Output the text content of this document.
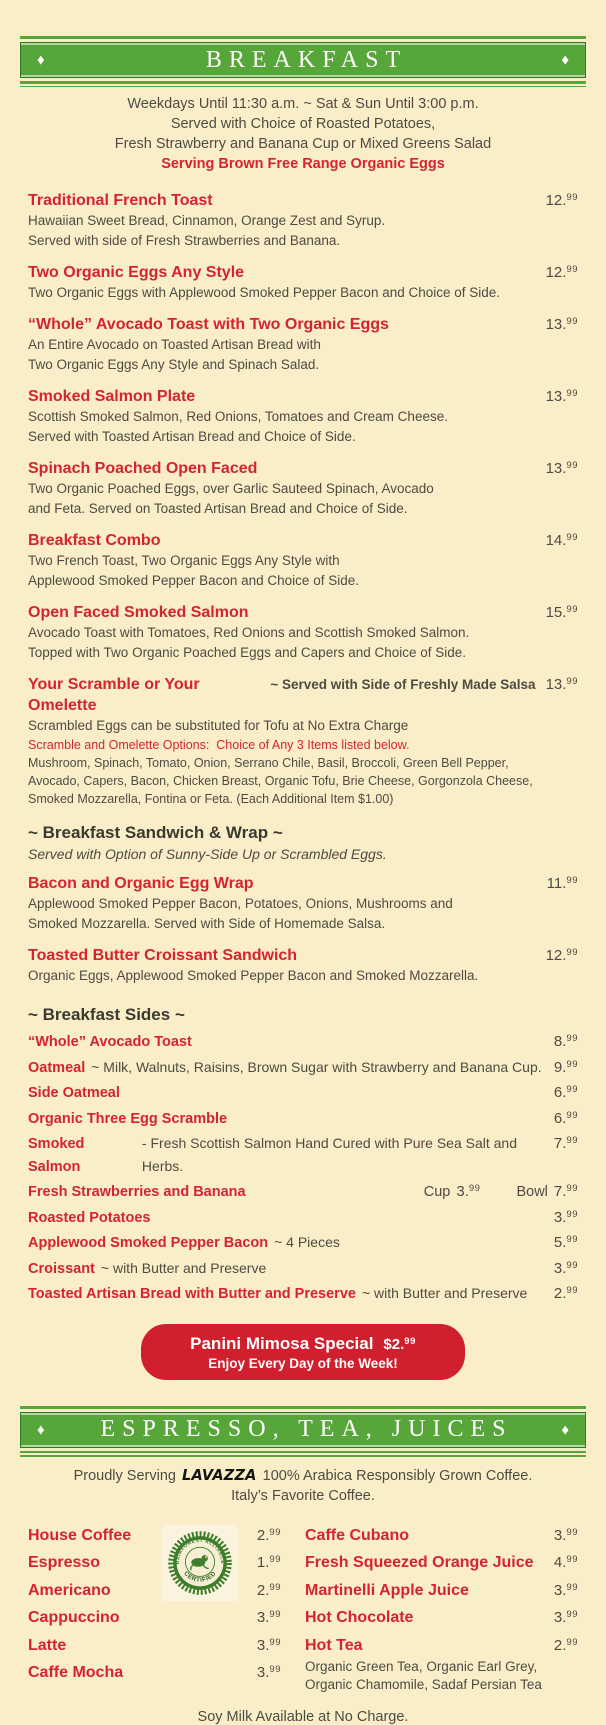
♦	BREAKFAST	♦
Weekdays Until 11:30 a.m. ~ Sat & Sun Until 3:00 p.m.
Served with Choice of Roasted Potatoes,
Fresh Strawberry and Banana Cup or Mixed Greens Salad
Serving Brown Free Range Organic Eggs
Traditional French Toast	12 . $^{99}$
Hawaiian Sweet Bread, Cinnamon, Orange Zest and Syrup.
Served with side of Fresh Strawberries and Banana.
Two Organic Eggs Any Style	12 . $^{99}$
Two Organic Eggs with Applewood Smoked Pepper Bacon and Choice of Side.
“Whole” Avocado Toast with Two Organic Eggs	13 . $^{99}$
An Entire Avocado on Toasted Artisan Bread with
Two Organic Eggs Any Style and Spinach Salad.
Smoked Salmon Plate	13 . $^{99}$
Scottish Smoked Salmon, Red Onions, Tomatoes and Cream Cheese.
Served with Toasted Artisan Bread and Choice of Side.
Spinach Poached Open Faced	13 . $^{99}$
Two Organic Poached Eggs, over Garlic Sauteed Spinach, Avocado
and Feta. Served on Toasted Artisan Bread and Choice of Side.
Breakfast Combo	14 . $^{99}$
Two French Toast, Two Organic Eggs Any Style with
Applewood Smoked Pepper Bacon and Choice of Side.
Open Faced Smoked Salmon	15 . $^{99}$
Avocado Toast with Tomatoes, Red Onions and Scottish Smoked Salmon.
Topped with Two Organic Poached Eggs and Capers and Choice of Side.
Your Scramble or Your Omelette
~ Served with Side of Freshly Made Salsa 13 . $^{99}$
Scrambled Eggs can be substituted for Tofu at No Extra Charge
Scramble and Omelette Options:  Choice of Any 3 Items listed below.
Mushroom, Spinach, Tomato, Onion, Serrano Chile, Basil, Broccoli, Green Bell Pepper,
Avocado, Capers, Bacon, Chicken Breast, Organic Tofu, Brie Cheese, Gorgonzola Cheese,
Smoked Mozzarella, Fontina or Feta. (Each Additional Item $1.00)
~ Breakfast Sandwich & Wrap ~
Served with Option of Sunny-Side Up or Scrambled Eggs.
Bacon and Organic Egg Wrap	11 . $^{99}$
Applewood Smoked Pepper Bacon, Potatoes, Onions, Mushrooms and
Smoked Mozzarella. Served with Side of Homemade Salsa.
Toasted Butter Croissant Sandwich	12 . $^{99}$
Organic Eggs, Applewood Smoked Pepper Bacon and Smoked Mozzarella.
~ Breakfast Sides ~
“Whole” Avocado Toast	8 . $^{99}$
Oatmeal ~ Milk, Walnuts, Raisins, Brown Sugar with Strawberry and Banana Cup. 9 . $^{99}$
Side Oatmeal	6 . $^{99}$
Organic Three Egg Scramble	6 . $^{99}$
Smoked Salmon
- Fresh Scottish Salmon Hand Cured with Pure Sea Salt and Herbs.
7 . $^{99}$
Fresh Strawberries and Banana	Cup 3 . $^{99}$ Bowl 7 . $^{99}$
Roasted Potatoes	3 . $^{99}$
Applewood Smoked Pepper Bacon ~ 4 Pieces	5 . $^{99}$
Croissant ~ with Butter and Preserve	3 . $^{99}$
Toasted Artisan Bread with Butter and Preserve ~ with Butter and Preserve	2 . $^{99}$
Panini Mimosa Special $2 . $^{99}$
Enjoy Every Day of the Week!
♦ ESPRESSO, TEA, JUICES	♦
Proudly Serving LAVAZZA 100% Arabica Responsibly Grown Coffee.
Italy’s Favorite Coffee.
House Coffee	2 . $^{99}$
Espresso	1 . $^{99}$
Americano	2 . $^{99}$
Cappuccino	3 . $^{99}$
Latte	3 . $^{99}$
Caffe Mocha	3 . $^{99}$
RAINFOREST ALLIANCE
CERTIFIED
EST. 1987
Caffe Cubano	3 . $^{99}$
Fresh Squeezed Orange Juice	4 . $^{99}$
Martinelli Apple Juice	3 . $^{99}$
Hot Chocolate	3 . $^{99}$
Hot Tea	2 . $^{99}$
Organic Green Tea, Organic Earl Grey,
Organic Chamomile, Sadaf Persian Tea
Soy Milk Available at No Charge.
